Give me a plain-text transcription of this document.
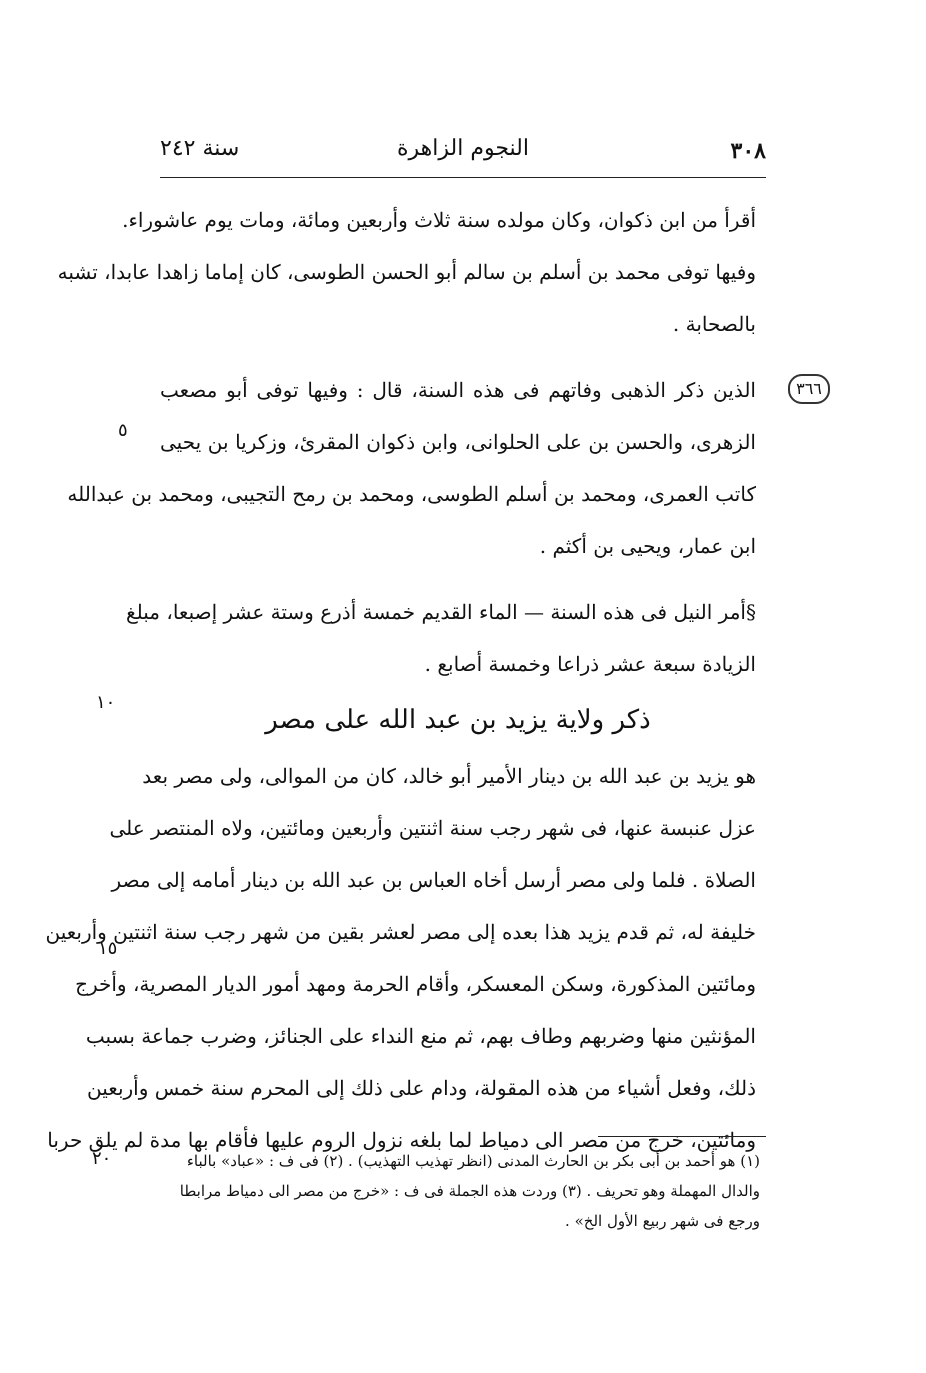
٣٠٨
النجوم الزاهرة
سنة ٢٤٢
٣٦٦
٥
١٠
١٥
٢٠
أقرأ من ابن ذكوان، وكان مولده سنة ثلاث وأربعين ومائة، ومات يوم عاشوراء.
وفيها توفى محمد بن أسلم بن سالم أبو الحسن الطوسى، كان إماما زاهدا عابدا، تشبه
بالصحابة .
الذين ذكر الذهبى وفاتهم فى هذه السنة، قال : وفيها توفى أبو مصعب
الزهرى، والحسن بن على الحلوانى، وابن ذكوان المقرئ، وزكريا بن يحيى
كاتب العمرى، ومحمد بن أسلم الطوسى، ومحمد بن رمح التجيبى، ومحمد بن عبدالله
ابن عمار، ويحيى بن أكثم .
§أمر النيل فى هذه السنة — الماء القديم خمسة أذرع وستة عشر إصبعا، مبلغ
الزيادة سبعة عشر ذراعا وخمسة أصابع .
ذكر ولاية يزيد بن عبد الله على مصر
هو يزيد بن عبد الله بن دينار الأمير أبو خالد، كان من الموالى، ولى مصر بعد
عزل عنبسة عنها، فى شهر رجب سنة اثنتين وأربعين ومائتين، ولاه المنتصر على
الصلاة . فلما ولى مصر أرسل أخاه العباس بن عبد الله بن دينار أمامه إلى مصر
خليفة له، ثم قدم يزيد هذا بعده إلى مصر لعشر بقين من شهر رجب سنة اثنتين وأربعين
ومائتين المذكورة، وسكن المعسكر، وأقام الحرمة ومهد أمور الديار المصرية، وأخرج
المؤنثين منها وضربهم وطاف بهم، ثم منع النداء على الجنائز، وضرب جماعة بسبب
ذلك، وفعل أشياء من هذه المقولة، ودام على ذلك إلى المحرم سنة خمس وأربعين
ومائتين، خرج من مصر الى دمياط لما بلغه نزول الروم عليها فأقام بها مدة لم يلق حربا
(١) هو أحمد بن أبى بكر بن الحارث المدنى (انظر تهذيب التهذيب) . (٢) فى ف : «عباد» بالباء
والدال المهملة وهو تحريف . (٣) وردت هذه الجملة فى ف : «خرج من مصر الى دمياط مرابطا
ورجع فى شهر ربيع الأول الخ» .
